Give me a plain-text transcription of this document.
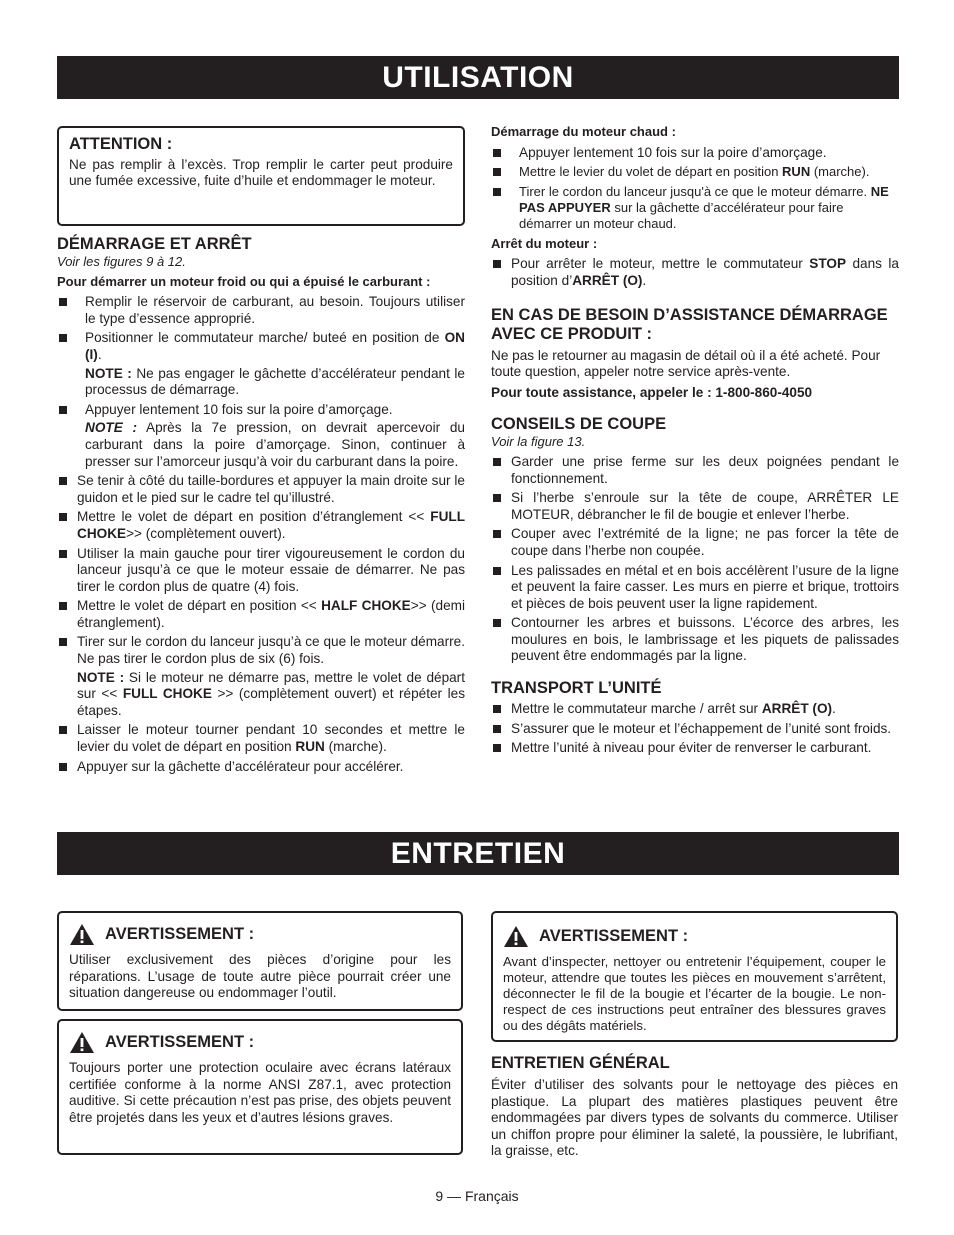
UTILISATION
ATTENTION :

Ne pas remplir à l’excès. Trop remplir le carter peut produire une fumée excessive, fuite d’huile et endommager le moteur.

DÉMARRAGE ET ARRÊT
Voir les figures 9 à 12.
Pour démarrer un moteur froid ou qui a épuisé le carburant :
Remplir le réservoir de carburant, au besoin. Toujours utiliser le type d’essence approprié.
Positionner le commutateur marche/ buteé en position de ON (I).
NOTE : Ne pas engager le gâchette d’accélérateur pendant le processus de démarrage.
Appuyer lentement 10 fois sur la poire d’amorçage.
NOTE : Après la 7e pression, on devrait apercevoir du carburant dans la poire d’amorçage. Sinon, continuer à presser sur l’amorceur jusqu’à voir du carburant dans la poire.
Se tenir à côté du taille-bordures et appuyer la main droite sur le guidon et le pied sur le cadre tel qu’illustré.
Mettre le volet de départ en position d’étranglement << FULL CHOKE>> (complètement ouvert).
Utiliser la main gauche pour tirer vigoureusement le cordon du lanceur jusqu’à ce que le moteur essaie de démarrer. Ne pas tirer le cordon plus de quatre (4) fois.
Mettre le volet de départ en position << HALF CHOKE>> (demi étranglement).
Tirer sur le cordon du lanceur jusqu’à ce que le moteur démarre. Ne pas tirer le cordon plus de six (6) fois.
NOTE : Si le moteur ne démarre pas, mettre le volet de départ sur << FULL CHOKE >> (complètement ouvert) et répéter les étapes.
Laisser le moteur tourner pendant 10 secondes et mettre le levier du volet de départ en position RUN (marche).
Appuyer sur la gâchette d’accélérateur pour accélérer.
Démarrage du moteur chaud :
Appuyer lentement 10 fois sur la poire d’amorçage.
Mettre le levier du volet de départ en position RUN (marche).
Tirer le cordon du lanceur jusqu'à ce que le moteur démarre. NE PAS APPUYER sur la gâchette d’accélérateur pour faire démarrer un moteur chaud.
Arrêt du moteur :
Pour arrêter le moteur, mettre le commutateur STOP dans la position d’ARRÊT (O).
EN CAS DE BESOIN D’ASSISTANCE DÉMARRAGE AVEC CE PRODUIT :

Ne pas le retourner au magasin de détail où il a été acheté. Pour toute question, appeler notre service après-vente.

Pour toute assistance, appeler le : 1-800-860-4050

CONSEILS DE COUPE
Voir la figure 13.
Garder une prise ferme sur les deux poignées pendant le fonctionnement.
Si l’herbe s’enroule sur la tête de coupe, ARRÊTER LE MOTEUR, débrancher le fil de bougie et enlever l’herbe.
Couper avec l’extrémité de la ligne; ne pas forcer la tête de coupe dans l’herbe non coupée.
Les palissades en métal et en bois accélèrent l’usure de la ligne et peuvent la faire casser. Les murs en pierre et brique, trottoirs et pièces de bois peuvent user la ligne rapidement.
Contourner les arbres et buissons. L’écorce des arbres, les moulures en bois, le lambrissage et les piquets de palissades peuvent être endommagés par la ligne.
TRANSPORT L’UNITÉ
Mettre le commutateur marche / arrêt sur ARRÊT (O).
S’assurer que le moteur et l’échappement de l’unité sont froids.
Mettre l’unité à niveau pour éviter de renverser le carburant.
ENTRETIEN
AVERTISSEMENT :

Utiliser exclusivement des pièces d’origine pour les réparations. L’usage de toute autre pièce pourrait créer une situation dangereuse ou endommager l’outil.

AVERTISSEMENT :

Toujours porter une protection oculaire avec écrans latéraux certifiée conforme à la norme ANSI Z87.1, avec protection auditive. Si cette précaution n’est pas prise, des objets peuvent être projetés dans les yeux et d’autres lésions graves.

AVERTISSEMENT :

Avant d’inspecter, nettoyer ou entretenir l’équipement, couper le moteur, attendre que toutes les pièces en mouvement s’arrêtent, déconnecter le fil de la bougie et l’écarter de la bougie. Le non-respect de ces instructions peut entraîner des blessures graves ou des dégâts matériels.

ENTRETIEN GÉNÉRAL

Éviter d’utiliser des solvants pour le nettoyage des pièces en plastique. La plupart des matières plastiques peuvent être endommagées par divers types de solvants du commerce. Utiliser un chiffon propre pour éliminer la saleté, la poussière, le lubrifiant, la graisse, etc.

9 — Français
